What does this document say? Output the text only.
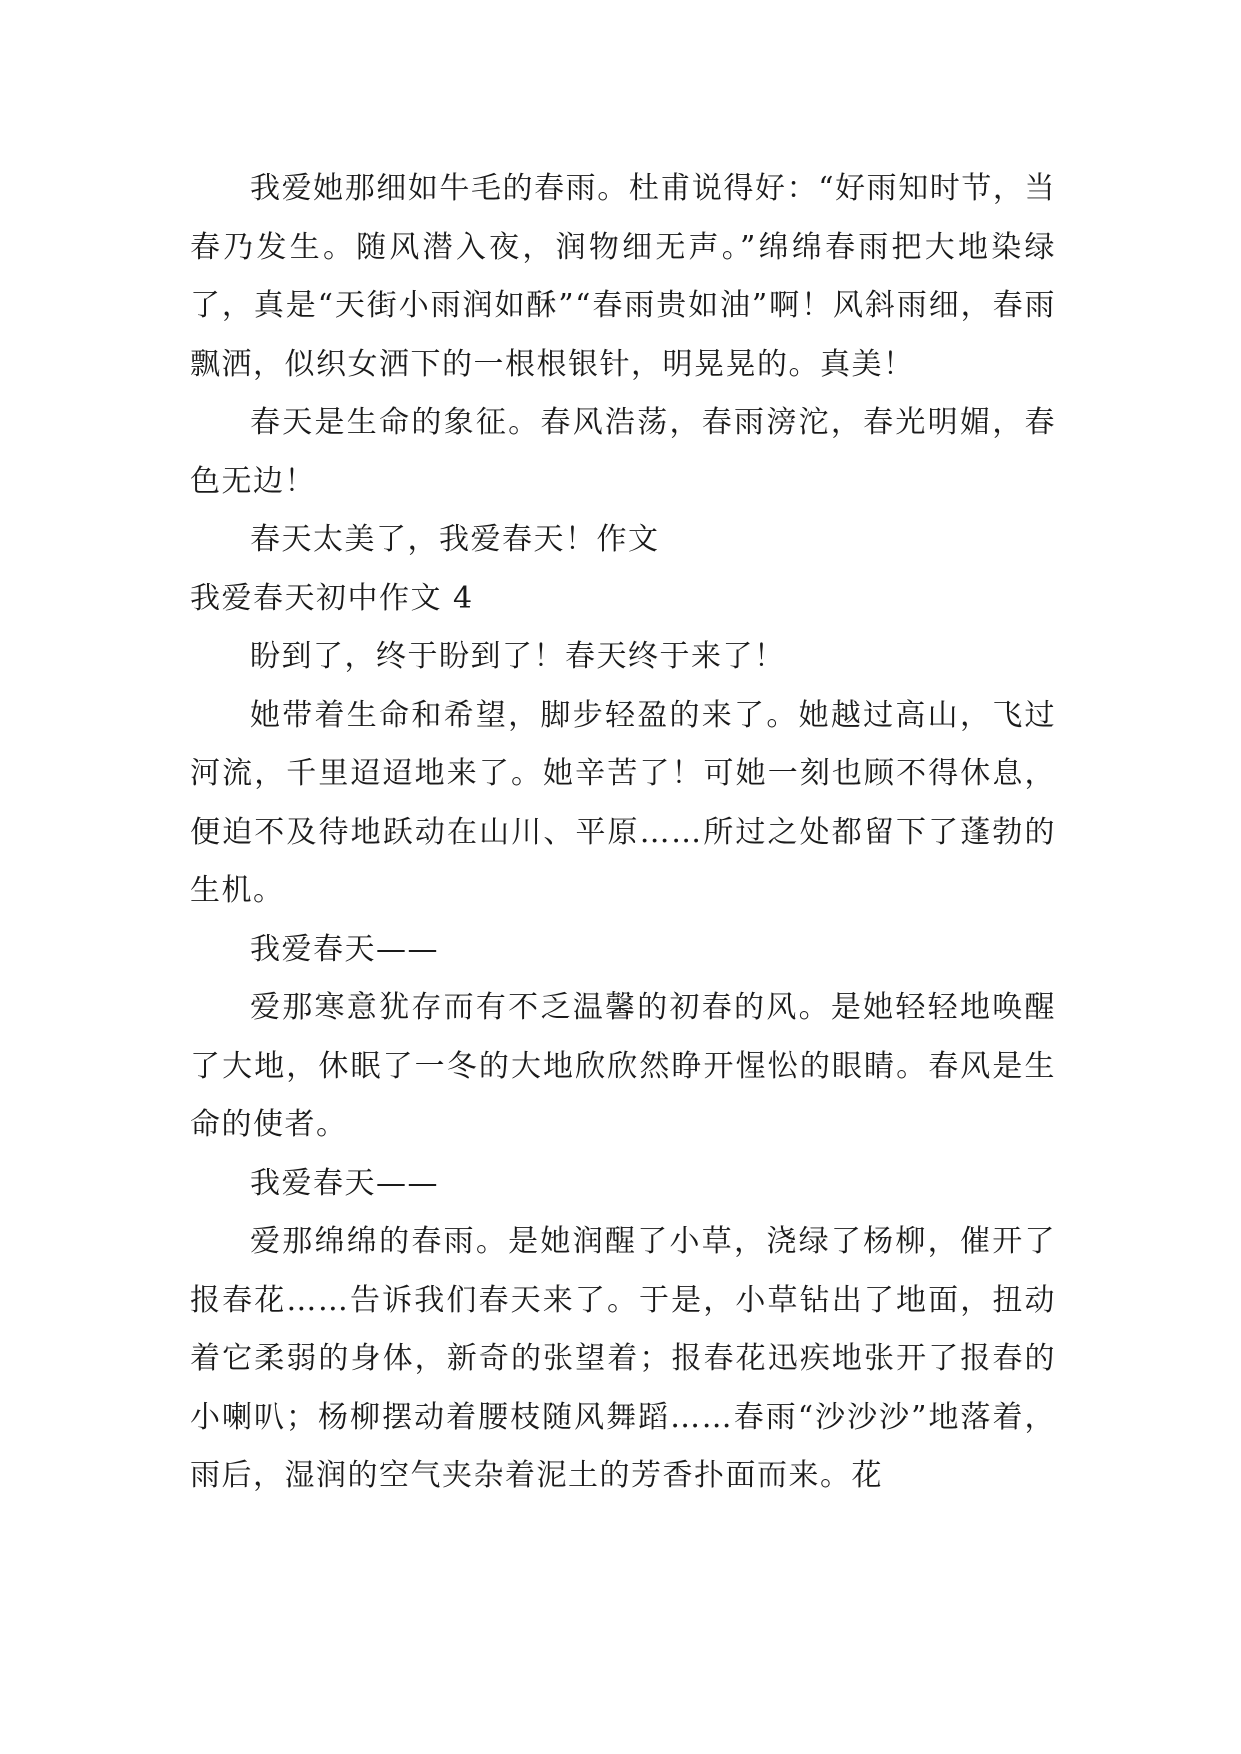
我爱她那细如牛毛的春雨。杜甫说得好：“好雨知时节，当春乃发生。随风潜入夜，润物细无声。”绵绵春雨把大地染绿了，真是“天街小雨润如酥”“春雨贵如油”啊！风斜雨细，春雨飘洒，似织女洒下的一根根银针，明晃晃的。真美！

春天是生命的象征。春风浩荡，春雨滂沱，春光明媚，春色无边！

春天太美了，我爱春天！作文

我爱春天初中作文 4

盼到了，终于盼到了！春天终于来了！

她带着生命和希望，脚步轻盈的来了。她越过高山，飞过河流，千里迢迢地来了。她辛苦了！可她一刻也顾不得休息，便迫不及待地跃动在山川、平原……所过之处都留下了蓬勃的生机。

我爱春天——

爱那寒意犹存而有不乏温馨的初春的风。是她轻轻地唤醒了大地，休眠了一冬的大地欣欣然睁开惺忪的眼睛。春风是生命的使者。

我爱春天——

爱那绵绵的春雨。是她润醒了小草，浇绿了杨柳，催开了报春花……告诉我们春天来了。于是，小草钻出了地面，扭动着它柔弱的身体，新奇的张望着；报春花迅疾地张开了报春的小喇叭；杨柳摆动着腰枝随风舞蹈……春雨“沙沙沙”地落着，雨后，湿润的空气夹杂着泥土的芳香扑面而来。花
